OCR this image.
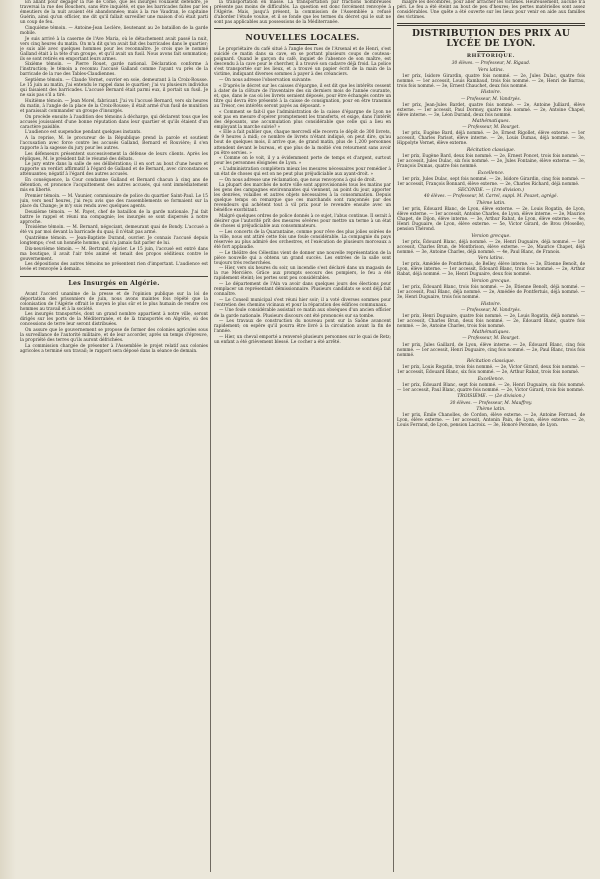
En allant pour dégager la rue de Côme, que les insurgés voulaient défendre, je traversai la rue des Bouchers, sans être inquiété, et que les barricades faites par les émeutiers de la nuit avaient été abandonnées; mais à la rue Vaudran, le capitaine Guérin, ainsi qu'un officier, me dit qu'il fallait surveiller une maison d'où était parti un coup de feu.

Cinquième témoin. — Antoine-Jean Leclère, lieutenant au 2e bataillon de la garde mobile.

Je suis arrivé à la caserne de l'Ave Maria, où le détachement avait passé la nuit, vers cinq heures du matin. On m'a dit qu'on avait fait des barricades dans le quartier; je suis allé avec quelques hommes pour les reconnaître. Je crois que le nommé Galland était à la tête d'un groupe, et qu'il avait un fusil. Nous avons fait sommation; ils se sont retirés en emportant leurs armes.

Sixième témoin. — Pierre Rouet, garde national. Déclaration conforme à l'instruction; le témoin a reconnu l'accusé Galland comme l'ayant vu près de la barricade de la rue des Tables-Claudiennes.

Septième témoin. — Claude Vernet, ouvrier en soie, demeurant à la Croix-Rousse. Le 15 juin au matin, j'ai entendu le rappel dans le quartier; j'ai vu plusieurs individus qui faisaient des barricades. L'accusé Bernard était parmi eux, il portait un fusil. Je ne sais pas s'il a tiré.

Huitième témoin. — Jean Morel, fabricant. J'ai vu l'accusé Bernard, vers six heures du matin, à l'angle de la place de la Croix-Rousse; il était armé d'un fusil de munition et paraissait commander un groupe d'insurgés.

On procède ensuite à l'audition des témoins à décharge, qui déclarent tous que les accusés jouissaient d'une bonne réputation dans leur quartier et qu'ils étaient d'un caractère paisible.

L'audience est suspendue pendant quelques instants.

A la reprise, M. le procureur de la République prend la parole et soutient l'accusation avec force contre les accusés Galland, Bernard et Rouvière; il s'en rapporte à la sagesse du jury pour les autres.

Les défenseurs présentent successivement la défense de leurs clients. Après les répliques, M. le président fait le résumé des débats.

Le jury entre dans la salle de ses délibérations; il en sort au bout d'une heure et rapporte un verdict affirmatif à l'égard de Galland et de Bernard, avec circonstances atténuantes; négatif à l'égard des autres accusés.

En conséquence, la Cour condamne Galland et Bernard chacun à cinq ans de détention, et prononce l'acquittement des autres accusés, qui sont immédiatement mis en liberté.

Premier témoin. — M. Vaunier, commissaire de police du quartier Saint-Paul. Le 15 juin, vers neuf heures, j'ai reçu avis que des rassemblements se formaient sur la place du Change; je m'y suis rendu avec quelques agents.

Deuxième témoin. — M. Payet, chef de bataillon de la garde nationale. J'ai fait battre le rappel et réuni ma compagnie; les insurgés se sont dispersés à notre approche.

Troisième témoin. — M. Bernard, négociant, demeurant quai de Bondy. L'accusé a été vu par moi devant la barricade du quai; il n'était pas armé.

Quatrième témoin. — Jean-Baptiste Durand, ouvrier. Je connais l'accusé depuis longtemps; c'est un honnête homme, qui n'a jamais fait parler de lui.

Dix-neuvième témoin. — M. Bertrand, épicier. Le 15 juin, l'accusé est entré dans ma boutique, il avait l'air très animé et tenait des propos séditieux contre le gouvernement.

Les dépositions des autres témoins ne présentent rien d'important. L'audience est levée et renvoyée à demain.

Les Insurgés en Algérie.

Avant l'accord unanime de la presse et de l'opinion publique sur la loi de déportation des prisonniers de juin, nous avons maintes fois répété que la colonisation de l'Algérie offrait le moyen le plus sûr et le plus humain de rendre ces hommes au travail et à la société.

Les insurgés transportés, dont un grand nombre appartient à notre ville, seront dirigés sur les ports de la Méditerranée, et de là transportés en Algérie, où des concessions de terre leur seront distribuées.

On assure que le gouvernement se propose de former des colonies agricoles sous la surveillance de l'autorité militaire, et de leur accorder, après un temps d'épreuve, la propriété des terres qu'ils auront défrichées.

La commission chargée de présenter à l'Assemblée le projet relatif aux colonies agricoles a terminé son travail; le rapport sera déposé dans la séance de demain.

la transportation en masse. La transportation par fractions nombreuses présente pas moins de difficultés. La question est donc forcément renvoyée à l'Algérie. Mais, jusqu'à présent, la commission de l'Assemblée a refusé d'aborder l'étude voulue, et il se fonde que les termes du décret qui le suit ne sont pas applicables aux possessions de la Méditerranée.

NOUVELLES LOCALES.

Le propriétaire du café situé à l'angle des rues de l'Arsenal et de Henri, s'est suicidé ce matin dans sa cave, en se portant plusieurs coups de couteau-poignard. Quand le garçon du café, inquiet de l'absence de son maître, est descendu à la cave pour le chercher, il a trouvé son cadavre déjà froid. La police s'est transportée sur les lieux, et a trouvé un papier écrit de la main de la victime, indiquant diverses sommes à payer à des créanciers.

— On nous adresse l'observation suivante:

« D'après le décret sur les caisses d'épargne, il est dit que les intérêts cessent à dater de la clôture de l'inventaire des six derniers mois de l'année courante, et, que, dans le cas où les livrets seraient déposés, pour être échangés contre un titre qui devra être présenté à la caisse de consignation, pour en être transmis au Trésor, ces intérêts seront payés au déposant. »

« Comment se fait-il que l'administration de la caisse d'épargne de Lyon ne soit pas en mesure d'opérer promptement les transferts, et exige, dans l'intérêt des déposants, une accumulation plus considérable que celle qui a lieu en employant la marche suivie? »

« Elle a fait publier que, chaque mercredi elle recevra le dépôt de 300 livrets, de 9 heures à midi; ce nombre de livrets n'étant indiqué, on peut dire, qu'au bout de quelques mois, il arrive que, de grand matin, plus de 1,200 personnes attendent devant le bureau, et que plus de la moitié s'en retournent sans avoir pu être servies. »

« Comme on le voit, il y a évidemment perte de temps et d'argent, surtout pour les personnes éloignées de Lyon. »

« L'administration complétera mieux les mesures nécessaires pour remédier à un état de choses qui est on ne peut plus préjudiciable aux ayant-droit. »

— On nous adresse une réclamation, que nous renvoyons à qui de droit.

La plupart des marchés de notre ville sont approvisionnés tous les matins par les gens des campagnes environnantes qui viennent, au point du jour, apporter les denrées, volailles et autres objets nécessaires à la consommation. Depuis quelque temps on remarque que ces marchands sont rançonnés par des revendeurs qui achètent tout à vil prix pour le revendre ensuite avec un bénéfice exorbitant.

Malgré quelques ordres de police donnés à ce sujet, l'abus continue. Il serait à désirer que l'autorité prît des mesures sévères pour mettre un terme à un état de choses si préjudiciable aux consommateurs.

— Les concerts de la Quarantaine, comme pour rêve des plus jolies soirées de la ville, nous ont attiré cette fois une foule considérable. La compagnie du pays réservée au plus admiré des orchestres, et l'exécution de plusieurs morceaux a été fort applaudie.

— Le théâtre des Célestins vient de donner une nouvelle représentation de la pièce nouvelle qui a obtenu un grand succès. Les entrées de la salle sont toujours très recherchées.

— Hier, vers six heures du soir, un incendie s'est déclaré dans un magasin de la rue Mercière. Grâce aux prompts secours des pompiers, le feu a été rapidement éteint; les pertes sont peu considérables.

— Le département de l'Ain va avoir dans quelques jours des élections pour remplacer un représentant démissionnaire. Plusieurs candidats se sont déjà fait connaître.

— Le Conseil municipal s'est réuni hier soir; il a voté diverses sommes pour l'entretien des chemins vicinaux et pour la réparation des édifices communaux.

— Une foule considérable assistait ce matin aux obsèques d'un ancien officier de la garde nationale. Plusieurs discours ont été prononcés sur sa tombe.

— Les travaux de construction du nouveau pont sur la Saône avancent rapidement; on espère qu'il pourra être livré à la circulation avant la fin de l'année.

— Hier, un cheval emporté a renversé plusieurs personnes sur le quai de Retz; un enfant a été grièvement blessé. Le cocher a été arrêté.

malgré les décombres, pour aller arracher les victimes. Heureusement, aucune n'a péri. Le feu a été éteint au bout de peu d'heures; les pertes matérielles sont assez considérables. Une quête a été ouverte sur les lieux pour venir en aide aux familles des victimes.

DISTRIBUTION DES PRIX AU LYCÉE DE LYON.
RHÉTORIQUE.
30 élèves. — Professeur, M. Rigaud.
Vers latins.

1er prix, Isidore Girardin, quatre fois nommé. — 2e, Jules Dulac, quatre fois nommé. — 1er accessit, Louis Rambaud, trois fois nommé. — 2e, Henri de Barrau, trois fois nommé. — 3e, Ernest Chauchet, deux fois nommé.

Histoire.
— Professeur, M. Vandryès.

1er prix, Jean-Jules Bardet, quatre fois nommé. — 2e, Antoine Julliard, élève externe. — 1er accessit, Paul Dormoy, quatre fois nommé. — 2e, Antoine Chapel, élève interne. — 3e, Léon Durand, deux fois nommé.

Mathématiques.
— Professeur, M. Bourget.

1er prix, Eugène Bard, déjà nommé. — 2e, Ernest Rigollet, élève externe. — 1er accessit, Charles Parisot, élève interne. — 2e, Louis Dumas, déjà nommé. — 3e, Hippolyte Vernet, élève externe.

Récitation classique.

1er prix, Eugène Bard, deux fois nommé. — 2e, Ernest Poncet, trois fois nommé. — 1er accessit, Jules Dulac, six fois nommé. — 2e, Jules Fontaine, élève externe. — 3e, François Dumas, quatre fois nommé.

Excellence.

1er prix, Jules Dulac, sept fois nommé. — 2e, Isidore Girardin, cinq fois nommé. — 1er accessit, François Bonnard, élève externe. — 2e, Charles Richard, déjà nommé.

SECONDE. — (1re division.)
40 élèves. — Professeur, M. Carrel, suppl. M. Pouzet, agrégé.
Thème latin.

1er prix, Édouard Blanc, de Lyon, élève externe. — 2e, Louis Rogatin, de Lyon, élève externe. — 1er accessit, Antoine Charles, de Lyon, élève interne. — 2e, Maurice Chapet, de Dijon, élève interne. — 3e, Arthur Rabat, de Lyon, élève externe. — 4e, Henri Duguaire, de Lyon, élève externe. — 5e, Victor Girard, de Brou (Moselle), pension Thérond.

Version grecque.

1er prix, Édouard Blanc, déjà nommé. — 2e, Henri Duguaire, déjà nommé. — 1er accessit, Charles Brun, de Montbrison, élève externe. — 2e, Maurice Chapet, déjà nommé. — 3e, Antoine Charles, déjà nommé. — 4e, Paul Blanc, de Franois.

Vers latins.

1er prix, Amédée de Pontfertuis, de Belley, élève interne. — 2e, Étienne Benoît, de Lyon, élève interne. — 1er accessit, Édouard Blanc, trois fois nommé. — 2e, Arthur Rabat, déjà nommé. — 3e, Henri Duguaire, deux fois nommé.

Version grecque.

1er prix, Édouard Blanc, trois fois nommé. — 2e, Étienne Benoît, déjà nommé. — 1er accessit, Paul Blanc, déjà nommé. — 2e, Amédée de Pontfertuis, déjà nommé. — 3e, Henri Duguaire, trois fois nommé.

Histoire.
— Professeur, M. Vandryès.

1er prix, Henri Duguaire, quatre fois nommé. — 2e, Louis Rogatin, déjà nommé. — 1er accessit, Charles Brun, deux fois nommé. — 2e, Édouard Blanc, quatre fois nommé. — 3e, Antoine Charles, trois fois nommé.

Mathématiques.
— Professeur, M. Bourget.

1er prix, Jules Gaillard, de Lyon, élève interne. — 2e, Édouard Blanc, cinq fois nommé. — 1er accessit, Henri Duguaire, cinq fois nommé. — 2e, Paul Blanc, trois fois nommé.

Récitation classique.

1er prix, Louis Rogatin, trois fois nommé. — 2e, Victor Girard, deux fois nommé. — 1er accessit, Édouard Blanc, six fois nommé. — 2e, Arthur Rabat, trois fois nommé.

Excellence.

1er prix, Édouard Blanc, sept fois nommé. — 2e, Henri Duguaire, six fois nommé. — 1er accessit, Paul Blanc, quatre fois nommé. — 2e, Victor Girard, trois fois nommé.

TROISIÈME. — (2e division.)
30 élèves. — Professeur, M. Mauffrey.
Thème latin.

1er prix, Émile Chanolles, de Cordon, élève externe. — 2e, Antoine Ferrand, de Lyon, élève externe. — 1er accessit, Antonin Pain, de Lyon, élève externe. — 2e, Louis Ferrand, de Lyon, pension Lacroix. — 3e, Honoré Peronne, de Lyon.
